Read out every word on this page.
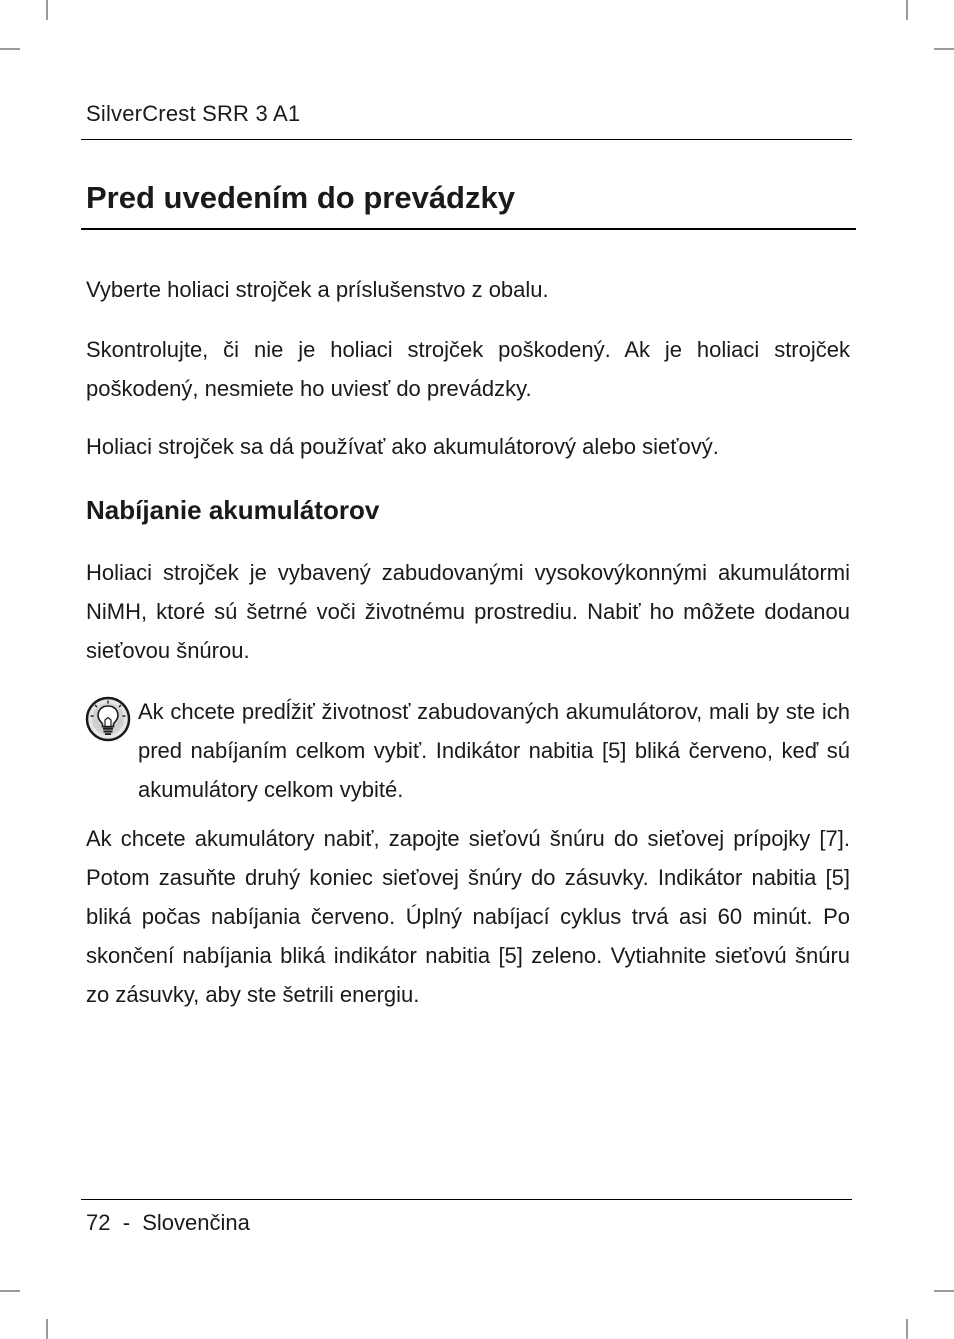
SilverCrest SRR 3 A1
Pred uvedením do prevádzky

Vyberte holiaci strojček a príslušenstvo z obalu.

Skontrolujte, či nie je holiaci strojček poškodený. Ak je holiaci strojček poškodený, nesmiete ho uviesť do prevádzky.

Holiaci strojček sa dá používať ako akumulátorový alebo sieťový.

Nabíjanie akumulátorov

Holiaci strojček je vybavený zabudovanými vysokovýkonnými akumulátormi NiMH, ktoré sú šetrné voči životnému prostrediu. Nabiť ho môžete dodanou sieťovou šnúrou.

Ak chcete predĺžiť životnosť zabudovaných akumulátorov, mali by ste ich pred nabíjaním celkom vybiť. Indikátor nabitia [5] bliká červeno, keď sú akumulátory celkom vybité.

Ak chcete akumulátory nabiť, zapojte sieťovú šnúru do sieťovej prípojky [7]. Potom zasuňte druhý koniec sieťovej šnúry do zásuvky. Indikátor nabitia [5] bliká počas nabíjania červeno. Úplný nabíjací cyklus trvá asi 60 minút. Po skončení nabíjania bliká indikátor nabitia [5] zeleno. Vytiahnite sieťovú šnúru zo zásuvky, aby ste šetrili energiu.

72  -  Slovenčina
